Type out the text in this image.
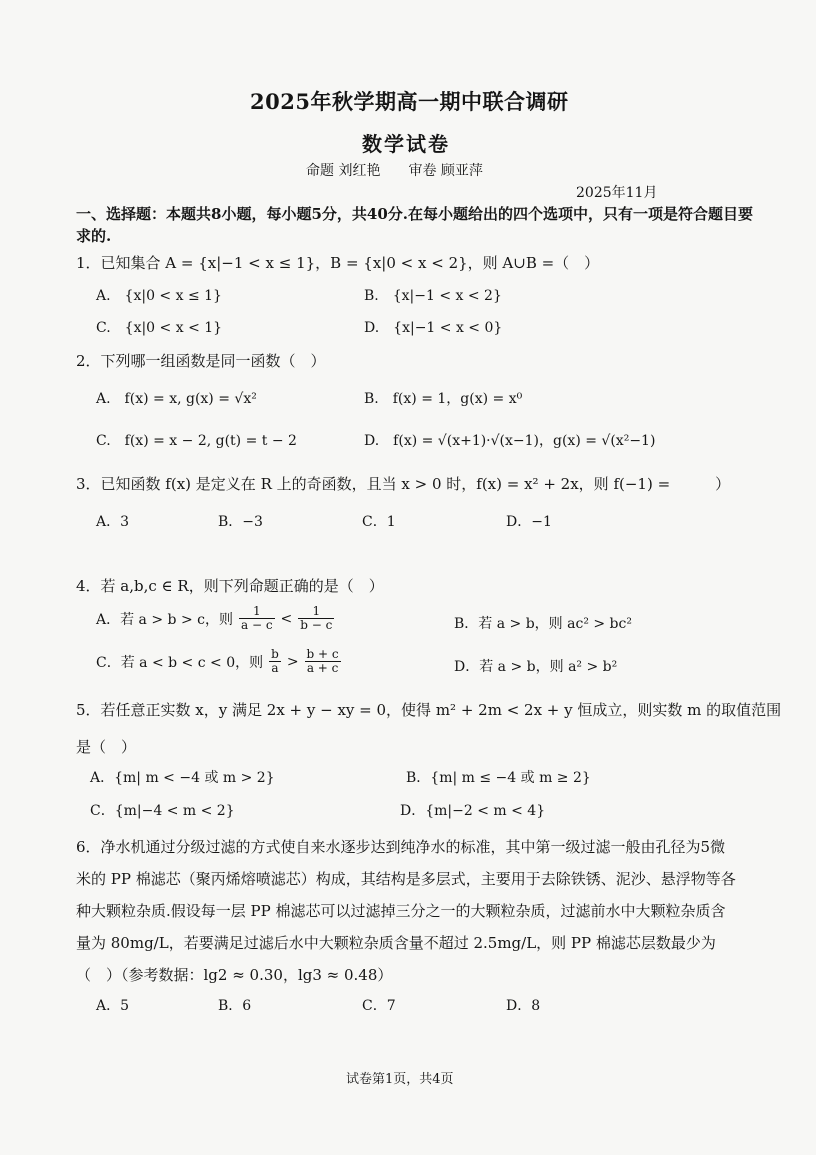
2025年秋学期高一期中联合调研
数学试卷
命题 刘红艳　　审卷 顾亚萍
2025年11月
一、选择题：本题共8小题，每小题5分，共40分.在每小题给出的四个选项中，只有一项是符合题目要求的.
1．已知集合 A = {x|−1 < x ≤ 1}，B = {x|0 < x < 2}，则 A∪B =（　）
A.　{x|0 < x ≤ 1}	B.　{x|−1 < x < 2}
C.　{x|0 < x < 1}	D.　{x|−1 < x < 0}
2．下列哪一组函数是同一函数（　）
A.　f(x) = x, g(x) = √x²	B.　f(x) = 1，g(x) = x⁰
C.　f(x) = x − 2, g(t) = t − 2	D.　f(x) = √(x+1)·√(x−1)，g(x) = √(x²−1)
3．已知函数 f(x) 是定义在 R 上的奇函数，且当 x > 0 时，f(x) = x² + 2x，则 f(−1) =　　　）
A．3	B．−3	C．1	D．−1
4．若 a,b,c ∈ R，则下列命题正确的是（　）
A．若 a > b > c，则 $\frac{1}{a - c} < \frac{1}{b - c}$	B．若 a > b，则 ac² > bc²
C．若 a < b < c < 0，则 $\frac{b}{a} > \frac{b + c}{a + c}$	D．若 a > b，则 a² > b²
5．若任意正实数 x，y 满足 2x + y − xy = 0，使得 m² + 2m < 2x + y 恒成立，则实数 m 的取值范围
是（　）
A．{m| m < −4 或 m > 2}	B．{m| m ≤ −4 或 m ≥ 2}
C．{m|−4 < m < 2}	D．{m|−2 < m < 4}
6．净水机通过分级过滤的方式使自来水逐步达到纯净水的标准，其中第一级过滤一般由孔径为5微米的 PP 棉滤芯（聚丙烯熔喷滤芯）构成，其结构是多层式，主要用于去除铁锈、泥沙、悬浮物等各种大颗粒杂质.假设每一层 PP 棉滤芯可以过滤掉三分之一的大颗粒杂质，过滤前水中大颗粒杂质含量为 80mg/L，若要满足过滤后水中大颗粒杂质含量不超过 2.5mg/L，则 PP 棉滤芯层数最少为（　）（参考数据：lg2 ≈ 0.30，lg3 ≈ 0.48）
A．5	B．6	C．7	D．8
试卷第1页，共4页
